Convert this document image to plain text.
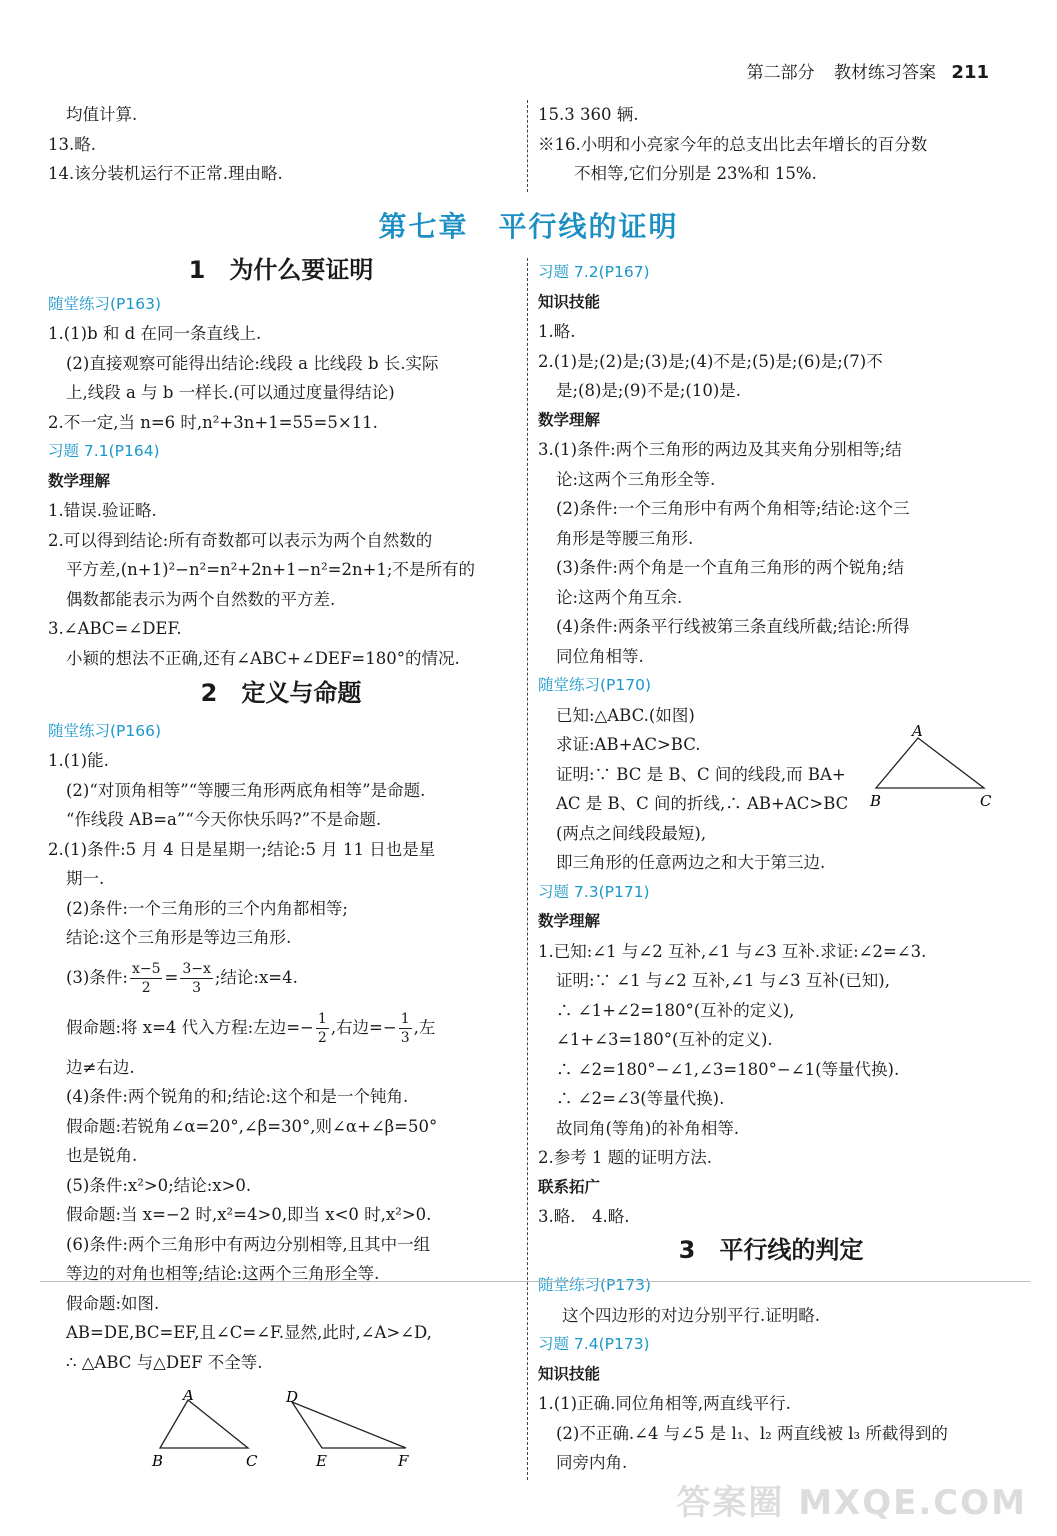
第二部分 教材练习答案 211

均值计算.

13.略.

14.该分装机运行不正常.理由略.

15.3 360 辆.

※16.小明和小亮家今年的总支出比去年增长的百分数

不相等,它们分别是 23%和 15%.

第七章　平行线的证明

1　为什么要证明

随堂练习(P163)

1.(1)b 和 d 在同一条直线上.

(2)直接观察可能得出结论:线段 a 比线段 b 长.实际

上,线段 a 与 b 一样长.(可以通过度量得结论)

2.不一定,当 n=6 时,n²+3n+1=55=5×11.

习题 7.1(P164)

数学理解

1.错误.验证略.

2.可以得到结论:所有奇数都可以表示为两个自然数的

平方差,(n+1)²−n²=n²+2n+1−n²=2n+1;不是所有的

偶数都能表示为两个自然数的平方差.

3.∠ABC=∠DEF.

小颖的想法不正确,还有∠ABC+∠DEF=180°的情况.

2　定义与命题

随堂练习(P166)

1.(1)能.

(2)“对顶角相等”“等腰三角形两底角相等”是命题.

“作线段 AB=a”“今天你快乐吗?”不是命题.

2.(1)条件:5 月 4 日是星期一;结论:5 月 11 日也是星

期一.

(2)条件:一个三角形的三个内角都相等;

结论:这个三角形是等边三角形.

(3)条件: $\frac{x-5}{2} = \frac{3-x}{3}$ ;结论:x=4.

假命题:将 x=4 代入方程:左边=− $\frac{1}{2}$ ,右边=− $\frac{1}{3}$ ,左

边≠右边.

(4)条件:两个锐角的和;结论:这个和是一个钝角.

假命题:若锐角∠α=20°,∠β=30°,则∠α+∠β=50°

也是锐角.

(5)条件:x²>0;结论:x>0.

假命题:当 x=−2 时,x²=4>0,即当 x<0 时,x²>0.

(6)条件:两个三角形中有两边分别相等,且其中一组

等边的对角也相等;结论:这两个三角形全等.

假命题:如图.

AB=DE,BC=EF,且∠C=∠F.显然,此时,∠A>∠D,

∴ △ABC 与△DEF 不全等.

A
B	C
D
E	F

习题 7.2(P167)

知识技能

1.略.

2.(1)是;(2)是;(3)是;(4)不是;(5)是;(6)是;(7)不

是;(8)是;(9)不是;(10)是.

数学理解

3.(1)条件:两个三角形的两边及其夹角分别相等;结

论:这两个三角形全等.

(2)条件:一个三角形中有两个角相等;结论:这个三

角形是等腰三角形.

(3)条件:两个角是一个直角三角形的两个锐角;结

论:这两个角互余.

(4)条件:两条平行线被第三条直线所截;结论:所得

同位角相等.

随堂练习(P170)

已知:△ABC.(如图)

求证:AB+AC>BC.

证明:∵ BC 是 B、C 间的线段,而 BA+

AC 是 B、C 间的折线,∴ AB+AC>BC

(两点之间线段最短),

即三角形的任意两边之和大于第三边.

习题 7.3(P171)

数学理解

1.已知:∠1 与∠2 互补,∠1 与∠3 互补.求证:∠2=∠3.

证明:∵ ∠1 与∠2 互补,∠1 与∠3 互补(已知),

∴ ∠1+∠2=180°(互补的定义),

∠1+∠3=180°(互补的定义).

∴ ∠2=180°−∠1,∠3=180°−∠1(等量代换).

∴ ∠2=∠3(等量代换).

故同角(等角)的补角相等.

2.参考 1 题的证明方法.

联系拓广

3.略.　4.略.

3　平行线的判定

随堂练习(P173)

这个四边形的对边分别平行.证明略.

习题 7.4(P173)

知识技能

1.(1)正确.同位角相等,两直线平行.

(2)不正确.∠4 与∠5 是 l₁、l₂ 两直线被 l₃ 所截得到的

同旁内角.

A
B	C
答案圈 MXQE.COM
